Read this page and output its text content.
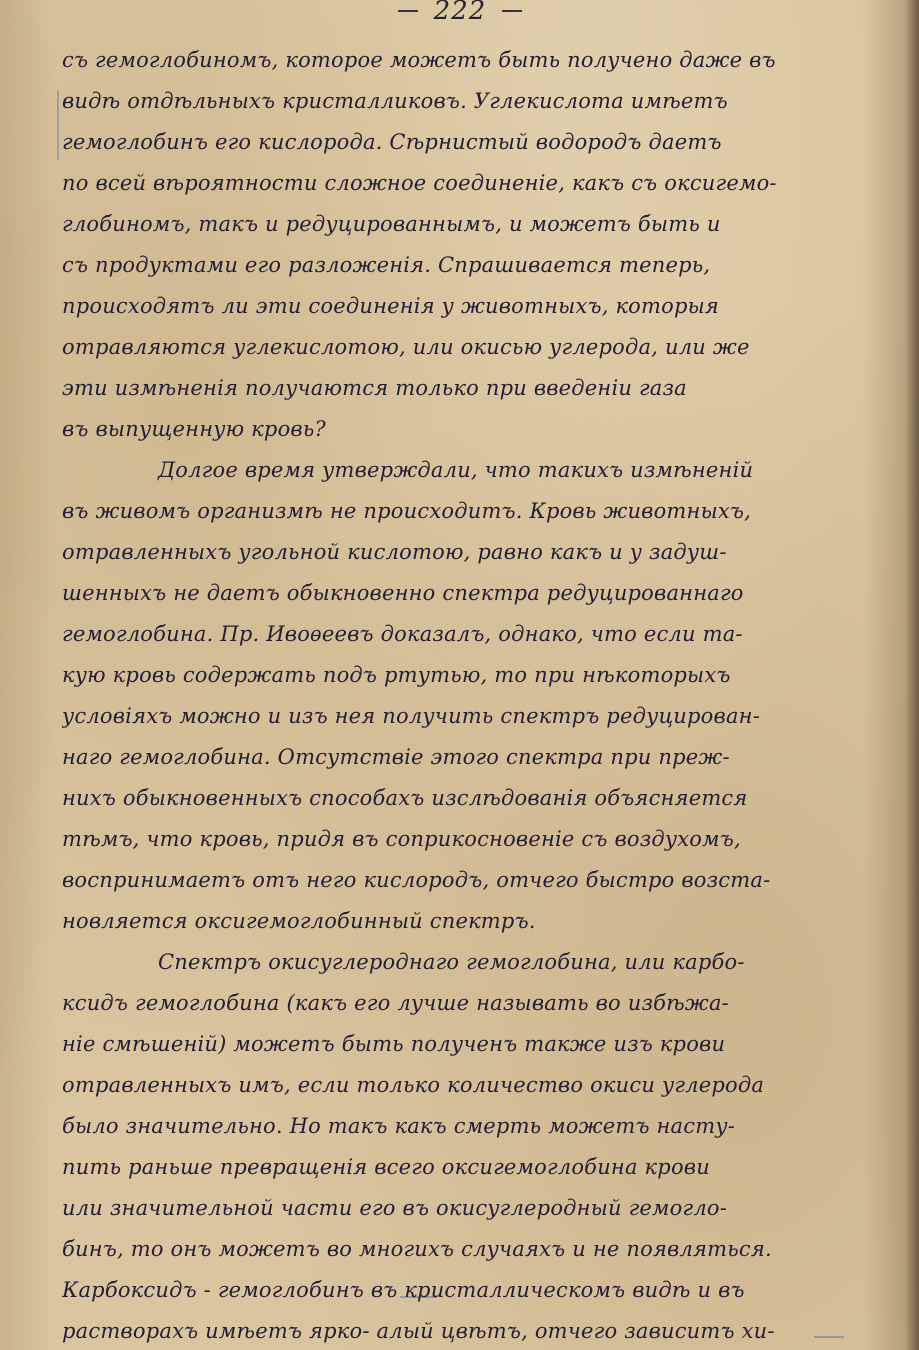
222
съ гемоглобиномъ, которое можетъ быть получено даже въ
видѣ отдѣльныхъ кристалликовъ. Углекислота имѣетъ
гемоглобинъ его кислорода. Сѣрнистый водородъ даетъ
по всей вѣроятности сложное соединеніе, какъ съ оксигемо-
глобиномъ, такъ и редуцированнымъ, и можетъ быть и
съ продуктами его разложенія. Спрашивается теперь,
происходятъ ли эти соединенія у животныхъ, которыя
отравляются углекислотою, или окисью углерода, или же
эти измѣненія получаются только при введеніи газа
въ выпущенную кровь?
Долгое время утверждали, что такихъ измѣненій
въ живомъ организмѣ не происходитъ. Кровь животныхъ,
отравленныхъ угольной кислотою, равно какъ и у задуш-
шенныхъ не даетъ обыкновенно спектра редуцированнаго
гемоглобина. Пр. Ивоѳеевъ доказалъ, однако, что если та-
кую кровь содержать подъ ртутью, то при нѣкоторыхъ
условіяхъ можно и изъ нея получить спектръ редуцирован-
наго гемоглобина. Отсутствіе этого спектра при преж-
нихъ обыкновенныхъ способахъ изслѣдованія объясняется
тѣмъ, что кровь, придя въ соприкосновеніе съ воздухомъ,
воспринимаетъ отъ него кислородъ, отчего быстро возста-
новляется оксигемоглобинный спектръ.
Спектръ окисуглероднаго гемоглобина, или карбо-
ксидъ гемоглобина (какъ его лучше называть во избѣжа-
ніе смѣшеній) можетъ быть полученъ также изъ крови
отравленныхъ имъ, если только количество окиси углерода
было значительно. Но такъ какъ смерть можетъ насту-
пить раньше превращенія всего оксигемоглобина крови
или значительной части его въ окисуглеродный гемогло-
бинъ, то онъ можетъ во многихъ случаяхъ и не появляться.
Карбоксидъ - гемоглобинъ въ кристаллическомъ видѣ и въ
растворахъ имѣетъ ярко- алый цвѣтъ, отчего зависитъ хи-
